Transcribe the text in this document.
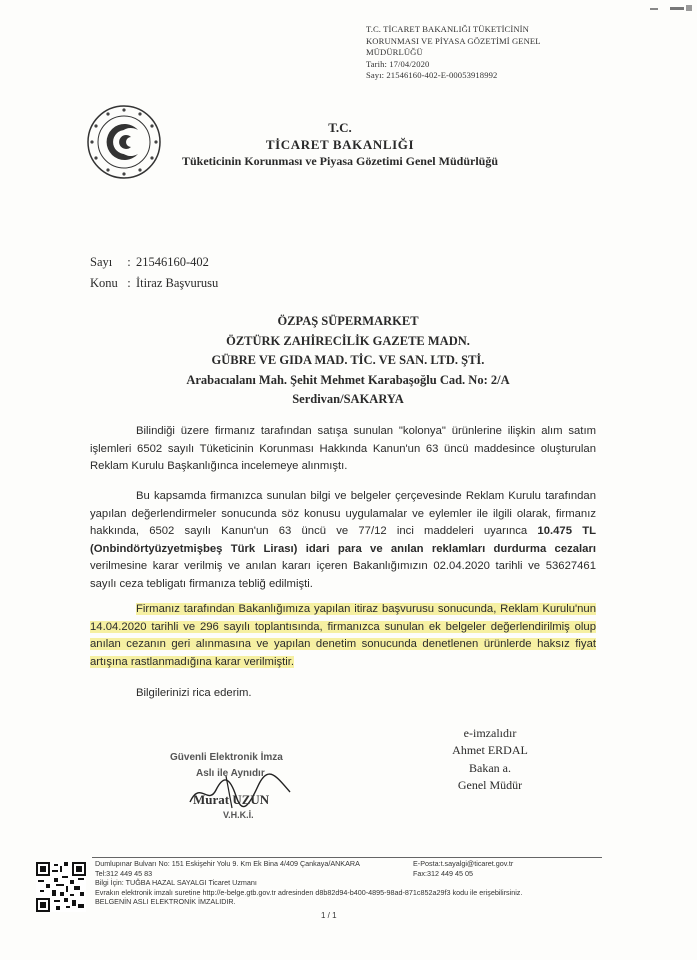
T.C. TİCARET BAKANLIĞI TÜKETİCİNİN
KORUNMASI VE PİYASA GÖZETİMİ GENEL
MÜDÜRLÜĞÜ
Tarih: 17/04/2020
Sayı: 21546160-402-E-00053918992
T.C.
TİCARET BAKANLIĞI
Tüketicinin Korunması ve Piyasa Gözetimi Genel Müdürlüğü
Sayı	: 21546160-402
Konu : İtiraz Başvurusu
ÖZPAŞ SÜPERMARKET
ÖZTÜRK ZAHİRECİLİK GAZETE MADN.
GÜBRE VE GIDA MAD. TİC. VE SAN. LTD. ŞTİ.
Arabacıalanı Mah. Şehit Mehmet Karabaşoğlu Cad. No: 2/A
Serdivan/SAKARYA

Bilindiği üzere firmanız tarafından satışa sunulan "kolonya" ürünlerine ilişkin alım satım işlemleri 6502 sayılı Tüketicinin Korunması Hakkında Kanun'un 63 üncü maddesince oluşturulan Reklam Kurulu Başkanlığınca incelemeye alınmıştı.

Bu kapsamda firmanızca sunulan bilgi ve belgeler çerçevesinde Reklam Kurulu tarafından yapılan değerlendirmeler sonucunda söz konusu uygulamalar ve eylemler ile ilgili olarak, firmanız hakkında, 6502 sayılı Kanun'un 63 üncü ve 77/12 inci maddeleri uyarınca 10.475 TL (Onbindörtyüzyetmişbeş Türk Lirası) idari para ve anılan reklamları durdurma cezaları verilmesine karar verilmiş ve anılan kararı içeren Bakanlığımızın 02.04.2020 tarihli ve 53627461 sayılı ceza tebligatı firmanıza tebliğ edilmişti.

Firmanız tarafından Bakanlığımıza yapılan itiraz başvurusu sonucunda, Reklam Kurulu'nun 14.04.2020 tarihli ve 296 sayılı toplantısında, firmanızca sunulan ek belgeler değerlendirilmiş olup anılan cezanın geri alınmasına ve yapılan denetim sonucunda denetlenen ürünlerde haksız fiyat artışına rastlanmadığına karar verilmiştir.

Bilgilerinizi rica ederim.

e-imzalıdır
Ahmet ERDAL
Bakan a.
Genel Müdür
Güvenli Elektronik İmza
Aslı ile Aynıdır
Murat UZUN
V.H.K.İ.
Dumlupınar Bulvarı No: 151 Eskişehir Yolu 9. Km Ek Bina 4/409 Çankaya/ANKARA	E-Posta:t.sayalgi@ticaret.gov.tr
Tel:312 449 45 83	Fax:312 449 45 05
Bilgi İçin: TUĞBA HAZAL SAYALGI Ticaret Uzmanı
Evrakın elektronik imzalı suretine http://e-belge.gtb.gov.tr adresinden d8b82d94-b400-4895-98ad-871c852a29f3 kodu ile erişebilirsiniz.
BELGENİN ASLI ELEKTRONİK İMZALIDIR.
1 / 1
